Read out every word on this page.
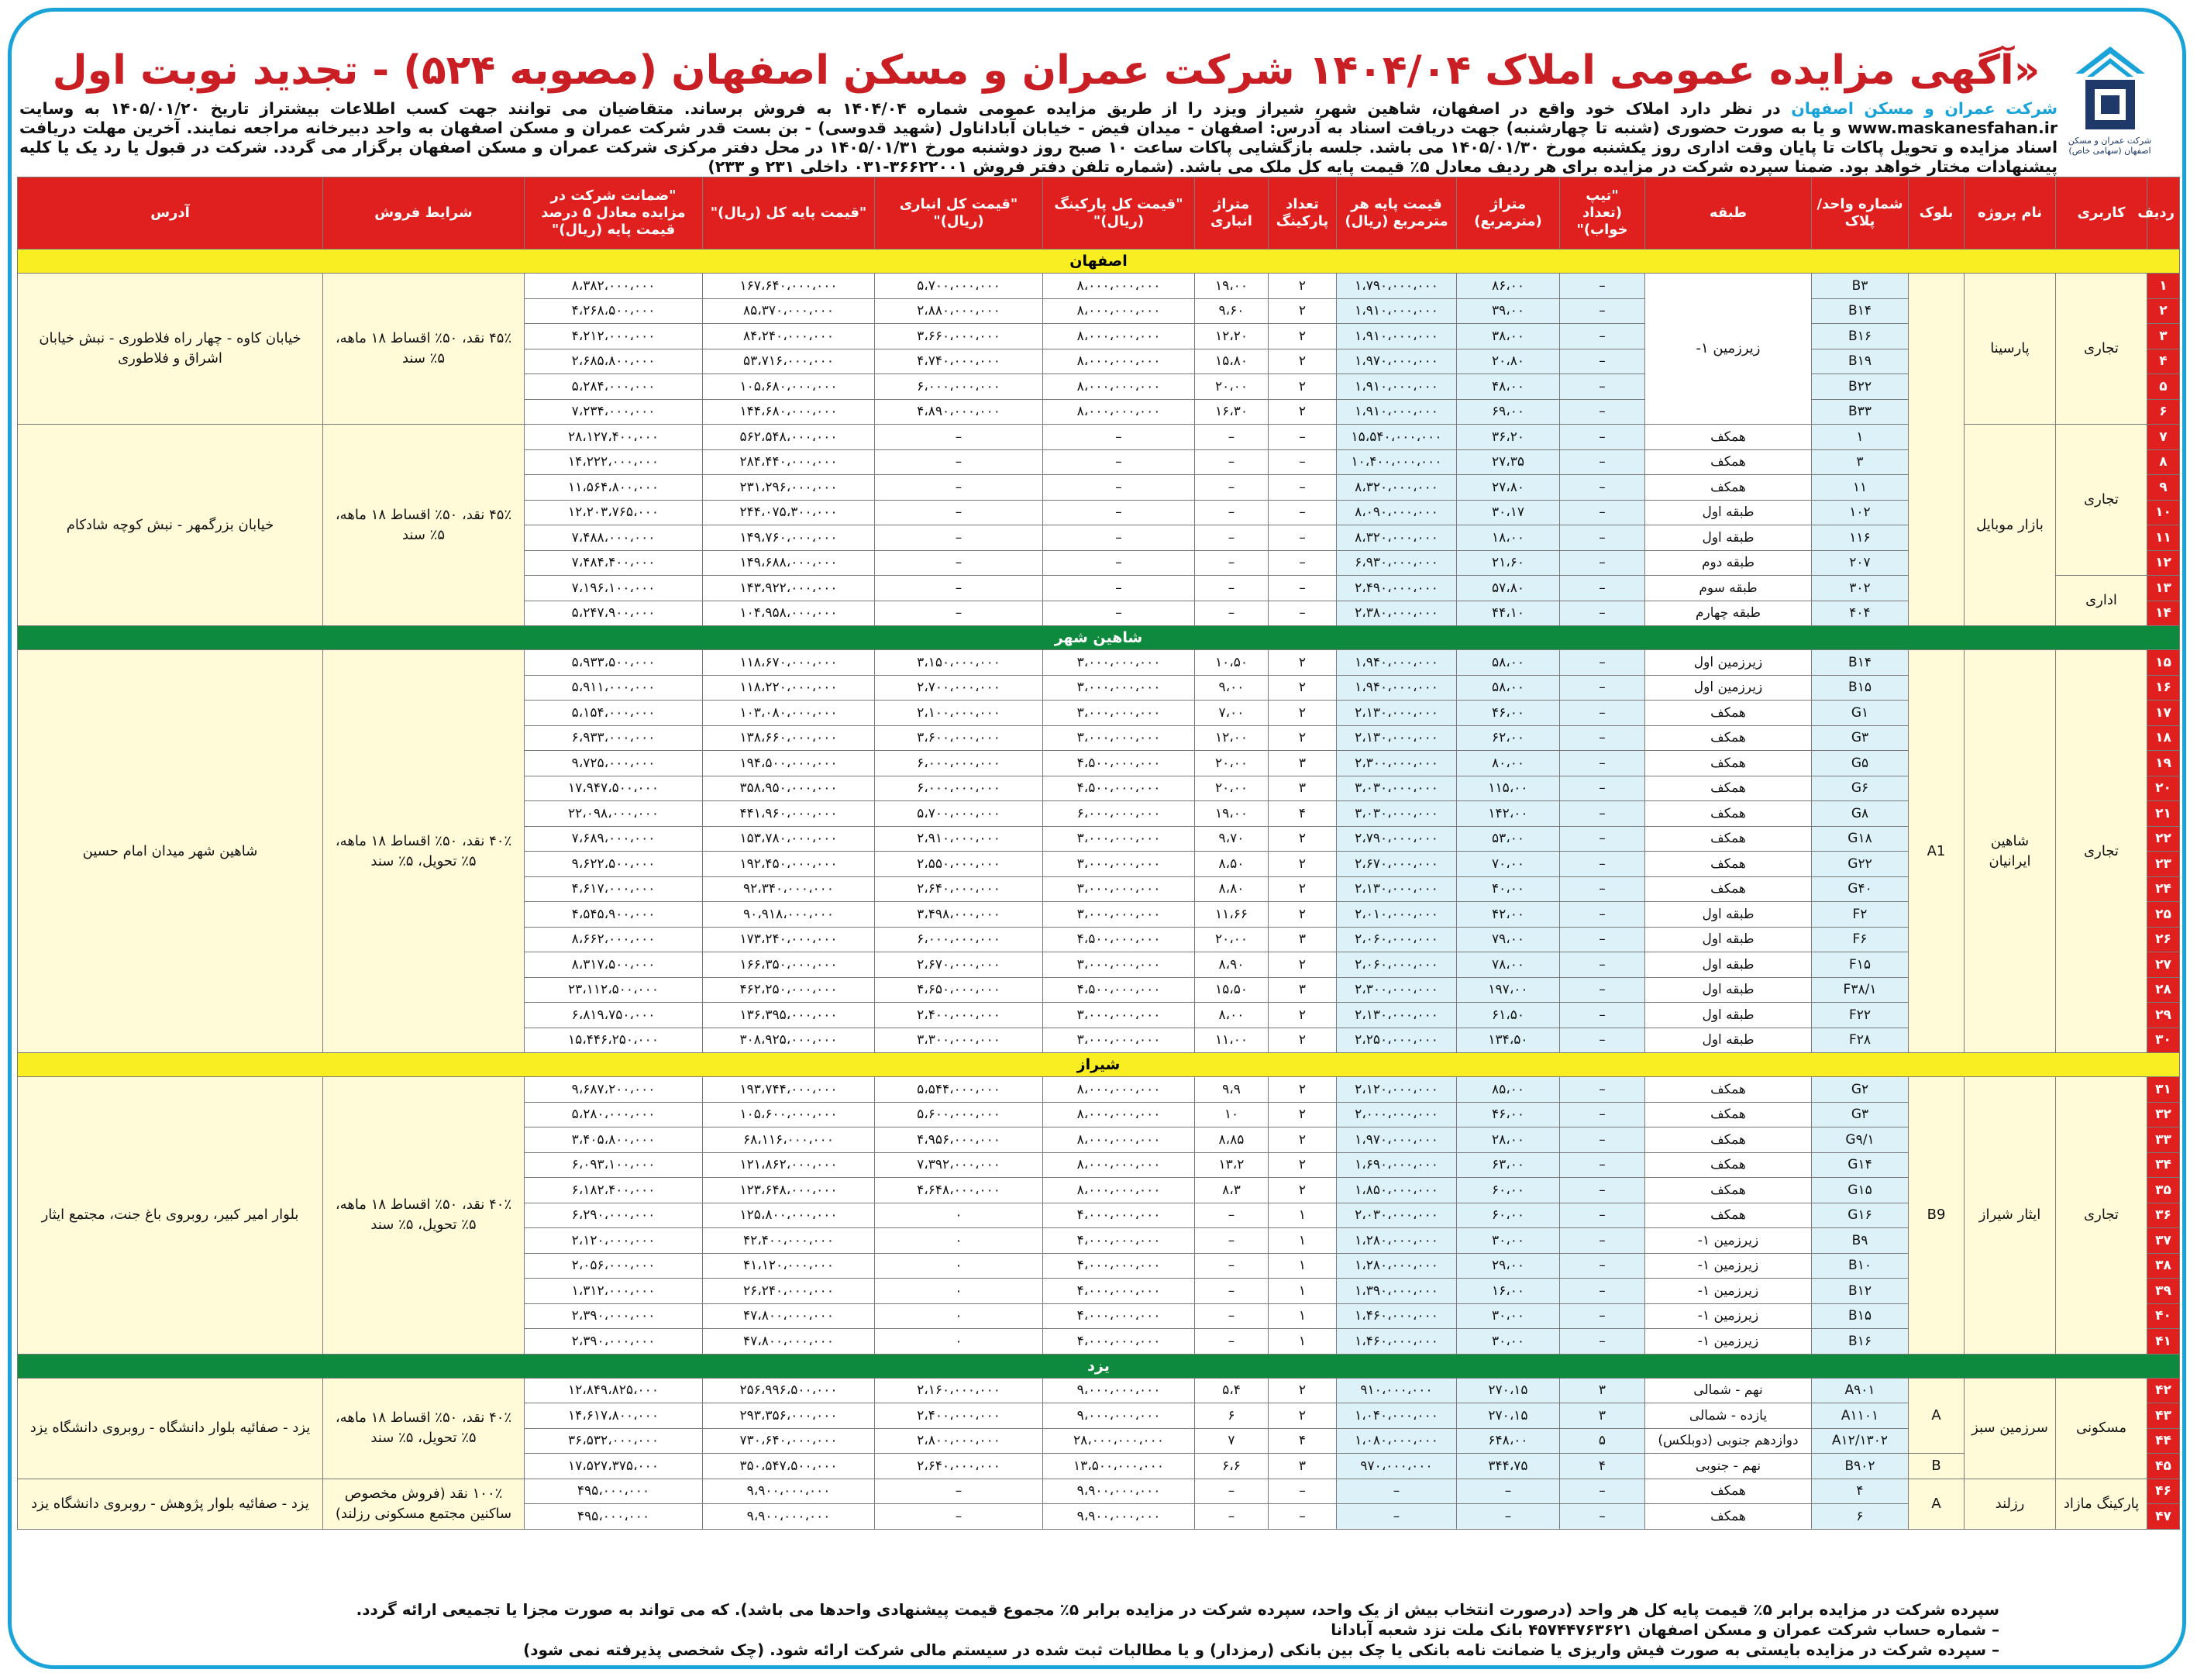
شرکت عمران و مسکن اصفهان (سهامی خاص)
«آگهی مزایده عمومی املاک ۱۴۰۴/۰۴ شرکت عمران و مسکن اصفهان (مصوبه ۵۲۴) - تجدید نوبت اول
شرکت عمران و مسکن اصفهان در نظر دارد املاک خود واقع در اصفهان، شاهین شهر، شیراز ویزد را از طریق مزایده عمومی شماره ۱۴۰۴/۰۴ به فروش برساند. متقاضیان می توانند جهت کسب اطلاعات بیشتراز تاریخ ۱۴۰۵/۰۱/۲۰ به وسایت www.maskanesfahan.ir و یا به صورت حضوری (شنبه تا چهارشنبه) جهت دریافت اسناد به آدرس: اصفهان - میدان فیض - خیابان آباداناول (شهید قدوسی) - بن بست قدر شرکت عمران و مسکن اصفهان به واحد دبیرخانه مراجعه نمایند. آخرین مهلت دریافت اسناد مزایده و تحویل پاکات تا پایان وقت اداری روز یکشنبه مورخ ۱۴۰۵/۰۱/۳۰ می باشد. جلسه بازگشایی پاکات ساعت ۱۰ صبح روز دوشنبه مورخ ۱۴۰۵/۰۱/۳۱ در محل دفتر مرکزی شرکت عمران و مسکن اصفهان برگزار می گردد. شرکت در قبول یا رد یک یا کلیه پیشنهادات مختار خواهد بود. ضمنا سپرده شرکت در مزایده برای هر ردیف معادل ۵٪ قیمت پایه کل ملک می باشد. (شماره تلفن دفتر فروش ۳۶۶۲۲۰۰۱-۰۳۱ داخلی ۲۳۱ و ۲۳۳)
ردیف	کاربری	نام پروژه	بلوک	شماره واحد/ پلاک	طبقه	"تیپ (تعداد خواب)"	متراژ (مترمربع)	قیمت پایه هر مترمربع (ریال)	تعداد پارکینگ	متراژ انباری	"قیمت کل پارکینگ (ریال)"	"قیمت کل انباری (ریال)"	"قیمت پایه کل (ریال)"	"ضمانت شرکت در مزایده معادل ۵ درصد قیمت پایه (ریال)"	شرایط فروش	آدرس
اصفهان																
۱	تجاری	پارسینا		B۳	زیرزمین ۱-	–	۸۶،۰۰	۱،۷۹۰،۰۰۰،۰۰۰	۲	۱۹،۰۰	۸،۰۰۰،۰۰۰،۰۰۰	۵،۷۰۰،۰۰۰،۰۰۰	۱۶۷،۶۴۰،۰۰۰،۰۰۰	۸،۳۸۲،۰۰۰،۰۰۰	۴۵٪ نقد، ۵۰٪ اقساط ۱۸ ماهه، ۵٪ سند	خیابان کاوه - چهار راه فلاطوری - نبش خیابان اشراق و فلاطوری
۲				B۱۴		–	۳۹،۰۰	۱،۹۱۰،۰۰۰،۰۰۰	۲	۹،۶۰	۸،۰۰۰،۰۰۰،۰۰۰	۲،۸۸۰،۰۰۰،۰۰۰	۸۵،۳۷۰،۰۰۰،۰۰۰	۴،۲۶۸،۵۰۰،۰۰۰		
۳				B۱۶		–	۳۸،۰۰	۱،۹۱۰،۰۰۰،۰۰۰	۲	۱۲،۲۰	۸،۰۰۰،۰۰۰،۰۰۰	۳،۶۶۰،۰۰۰،۰۰۰	۸۴،۲۴۰،۰۰۰،۰۰۰	۴،۲۱۲،۰۰۰،۰۰۰		
۴				B۱۹		–	۲۰،۸۰	۱،۹۷۰،۰۰۰،۰۰۰	۲	۱۵،۸۰	۸،۰۰۰،۰۰۰،۰۰۰	۴،۷۴۰،۰۰۰،۰۰۰	۵۳،۷۱۶،۰۰۰،۰۰۰	۲،۶۸۵،۸۰۰،۰۰۰		
۵				B۲۲		–	۴۸،۰۰	۱،۹۱۰،۰۰۰،۰۰۰	۲	۲۰،۰۰	۸،۰۰۰،۰۰۰،۰۰۰	۶،۰۰۰،۰۰۰،۰۰۰	۱۰۵،۶۸۰،۰۰۰،۰۰۰	۵،۲۸۴،۰۰۰،۰۰۰		
۶				B۳۳		–	۶۹،۰۰	۱،۹۱۰،۰۰۰،۰۰۰	۲	۱۶،۳۰	۸،۰۰۰،۰۰۰،۰۰۰	۴،۸۹۰،۰۰۰،۰۰۰	۱۴۴،۶۸۰،۰۰۰،۰۰۰	۷،۲۳۴،۰۰۰،۰۰۰		
۷	تجاری	بازار موبایل		۱	همکف	–	۳۶،۲۰	۱۵،۵۴۰،۰۰۰،۰۰۰	–	–	–	–	۵۶۲،۵۴۸،۰۰۰،۰۰۰	۲۸،۱۲۷،۴۰۰،۰۰۰	۴۵٪ نقد، ۵۰٪ اقساط ۱۸ ماهه، ۵٪ سند	خیابان بزرگمهر - نبش کوچه شادکام
۸				۳	همکف	–	۲۷،۳۵	۱۰،۴۰۰،۰۰۰،۰۰۰	–	–	–	–	۲۸۴،۴۴۰،۰۰۰،۰۰۰	۱۴،۲۲۲،۰۰۰،۰۰۰		
۹				۱۱	همکف	–	۲۷،۸۰	۸،۳۲۰،۰۰۰،۰۰۰	–	–	–	–	۲۳۱،۲۹۶،۰۰۰،۰۰۰	۱۱،۵۶۴،۸۰۰،۰۰۰		
۱۰				۱۰۲	طبقه اول	–	۳۰،۱۷	۸،۰۹۰،۰۰۰،۰۰۰	–	–	–	–	۲۴۴،۰۷۵،۳۰۰،۰۰۰	۱۲،۲۰۳،۷۶۵،۰۰۰		
۱۱				۱۱۶	طبقه اول	–	۱۸،۰۰	۸،۳۲۰،۰۰۰،۰۰۰	–	–	–	–	۱۴۹،۷۶۰،۰۰۰،۰۰۰	۷،۴۸۸،۰۰۰،۰۰۰		
۱۲				۲۰۷	طبقه دوم	–	۲۱،۶۰	۶،۹۳۰،۰۰۰،۰۰۰	–	–	–	–	۱۴۹،۶۸۸،۰۰۰،۰۰۰	۷،۴۸۴،۴۰۰،۰۰۰		
۱۳	اداری			۳۰۲	طبقه سوم	–	۵۷،۸۰	۲،۴۹۰،۰۰۰،۰۰۰	–	–	–	–	۱۴۳،۹۲۲،۰۰۰،۰۰۰	۷،۱۹۶،۱۰۰،۰۰۰		
۱۴				۴۰۴	طبقه چهارم	–	۴۴،۱۰	۲،۳۸۰،۰۰۰،۰۰۰	–	–	–	–	۱۰۴،۹۵۸،۰۰۰،۰۰۰	۵،۲۴۷،۹۰۰،۰۰۰		
شاهین شهر																
۱۵	تجاری	شاهین ایرانیان	A1	B۱۴	زیرزمین اول	–	۵۸،۰۰	۱،۹۴۰،۰۰۰،۰۰۰	۲	۱۰،۵۰	۳،۰۰۰،۰۰۰،۰۰۰	۳،۱۵۰،۰۰۰،۰۰۰	۱۱۸،۶۷۰،۰۰۰،۰۰۰	۵،۹۳۳،۵۰۰،۰۰۰	۴۰٪ نقد، ۵۰٪ اقساط ۱۸ ماهه، ۵٪ تحویل، ۵٪ سند	شاهین شهر میدان امام حسین
۱۶				B۱۵	زیرزمین اول	–	۵۸،۰۰	۱،۹۴۰،۰۰۰،۰۰۰	۲	۹،۰۰	۳،۰۰۰،۰۰۰،۰۰۰	۲،۷۰۰،۰۰۰،۰۰۰	۱۱۸،۲۲۰،۰۰۰،۰۰۰	۵،۹۱۱،۰۰۰،۰۰۰		
۱۷				G۱	همکف	–	۴۶،۰۰	۲،۱۳۰،۰۰۰،۰۰۰	۲	۷،۰۰	۳،۰۰۰،۰۰۰،۰۰۰	۲،۱۰۰،۰۰۰،۰۰۰	۱۰۳،۰۸۰،۰۰۰،۰۰۰	۵،۱۵۴،۰۰۰،۰۰۰		
۱۸				G۳	همکف	–	۶۲،۰۰	۲،۱۳۰،۰۰۰،۰۰۰	۲	۱۲،۰۰	۳،۰۰۰،۰۰۰،۰۰۰	۳،۶۰۰،۰۰۰،۰۰۰	۱۳۸،۶۶۰،۰۰۰،۰۰۰	۶،۹۳۳،۰۰۰،۰۰۰		
۱۹				G۵	همکف	–	۸۰،۰۰	۲،۳۰۰،۰۰۰،۰۰۰	۳	۲۰،۰۰	۴،۵۰۰،۰۰۰،۰۰۰	۶،۰۰۰،۰۰۰،۰۰۰	۱۹۴،۵۰۰،۰۰۰،۰۰۰	۹،۷۲۵،۰۰۰،۰۰۰		
۲۰				G۶	همکف	–	۱۱۵،۰۰	۳،۰۳۰،۰۰۰،۰۰۰	۳	۲۰،۰۰	۴،۵۰۰،۰۰۰،۰۰۰	۶،۰۰۰،۰۰۰،۰۰۰	۳۵۸،۹۵۰،۰۰۰،۰۰۰	۱۷،۹۴۷،۵۰۰،۰۰۰		
۲۱				G۸	همکف	–	۱۴۲،۰۰	۳،۰۳۰،۰۰۰،۰۰۰	۴	۱۹،۰۰	۶،۰۰۰،۰۰۰،۰۰۰	۵،۷۰۰،۰۰۰،۰۰۰	۴۴۱،۹۶۰،۰۰۰،۰۰۰	۲۲،۰۹۸،۰۰۰،۰۰۰		
۲۲				G۱۸	همکف	–	۵۳،۰۰	۲،۷۹۰،۰۰۰،۰۰۰	۲	۹،۷۰	۳،۰۰۰،۰۰۰،۰۰۰	۲،۹۱۰،۰۰۰،۰۰۰	۱۵۳،۷۸۰،۰۰۰،۰۰۰	۷،۶۸۹،۰۰۰،۰۰۰		
۲۳				G۲۲	همکف	–	۷۰،۰۰	۲،۶۷۰،۰۰۰،۰۰۰	۲	۸،۵۰	۳،۰۰۰،۰۰۰،۰۰۰	۲،۵۵۰،۰۰۰،۰۰۰	۱۹۲،۴۵۰،۰۰۰،۰۰۰	۹،۶۲۲،۵۰۰،۰۰۰		
۲۴				G۴۰	همکف	–	۴۰،۰۰	۲،۱۳۰،۰۰۰،۰۰۰	۲	۸،۸۰	۳،۰۰۰،۰۰۰،۰۰۰	۲،۶۴۰،۰۰۰،۰۰۰	۹۲،۳۴۰،۰۰۰،۰۰۰	۴،۶۱۷،۰۰۰،۰۰۰		
۲۵				F۲	طبقه اول	–	۴۲،۰۰	۲،۰۱۰،۰۰۰،۰۰۰	۲	۱۱،۶۶	۳،۰۰۰،۰۰۰،۰۰۰	۳،۴۹۸،۰۰۰،۰۰۰	۹۰،۹۱۸،۰۰۰،۰۰۰	۴،۵۴۵،۹۰۰،۰۰۰		
۲۶				F۶	طبقه اول	–	۷۹،۰۰	۲،۰۶۰،۰۰۰،۰۰۰	۳	۲۰،۰۰	۴،۵۰۰،۰۰۰،۰۰۰	۶،۰۰۰،۰۰۰،۰۰۰	۱۷۳،۲۴۰،۰۰۰،۰۰۰	۸،۶۶۲،۰۰۰،۰۰۰		
۲۷				F۱۵	طبقه اول	–	۷۸،۰۰	۲،۰۶۰،۰۰۰،۰۰۰	۲	۸،۹۰	۳،۰۰۰،۰۰۰،۰۰۰	۲،۶۷۰،۰۰۰،۰۰۰	۱۶۶،۳۵۰،۰۰۰،۰۰۰	۸،۳۱۷،۵۰۰،۰۰۰		
۲۸				F۳۸/۱	طبقه اول	–	۱۹۷،۰۰	۲،۳۰۰،۰۰۰،۰۰۰	۳	۱۵،۵۰	۴،۵۰۰،۰۰۰،۰۰۰	۴،۶۵۰،۰۰۰،۰۰۰	۴۶۲،۲۵۰،۰۰۰،۰۰۰	۲۳،۱۱۲،۵۰۰،۰۰۰		
۲۹				F۲۲	طبقه اول	–	۶۱،۵۰	۲،۱۳۰،۰۰۰،۰۰۰	۲	۸،۰۰	۳،۰۰۰،۰۰۰،۰۰۰	۲،۴۰۰،۰۰۰،۰۰۰	۱۳۶،۳۹۵،۰۰۰،۰۰۰	۶،۸۱۹،۷۵۰،۰۰۰		
۳۰				F۲۸	طبقه اول	–	۱۳۴،۵۰	۲،۲۵۰،۰۰۰،۰۰۰	۲	۱۱،۰۰	۳،۰۰۰،۰۰۰،۰۰۰	۳،۳۰۰،۰۰۰،۰۰۰	۳۰۸،۹۲۵،۰۰۰،۰۰۰	۱۵،۴۴۶،۲۵۰،۰۰۰		
شیراز																
۳۱	تجاری	ایثار شیراز	B9	G۲	همکف	–	۸۵،۰۰	۲،۱۲۰،۰۰۰،۰۰۰	۲	۹،۹	۸،۰۰۰،۰۰۰،۰۰۰	۵،۵۴۴،۰۰۰،۰۰۰	۱۹۳،۷۴۴،۰۰۰،۰۰۰	۹،۶۸۷،۲۰۰،۰۰۰	۴۰٪ نقد، ۵۰٪ اقساط ۱۸ ماهه، ۵٪ تحویل، ۵٪ سند	بلوار امیر کبیر، روبروی باغ جنت، مجتمع ایثار
۳۲				G۳	همکف	–	۴۶،۰۰	۲،۰۰۰،۰۰۰،۰۰۰	۲	۱۰	۸،۰۰۰،۰۰۰،۰۰۰	۵،۶۰۰،۰۰۰،۰۰۰	۱۰۵،۶۰۰،۰۰۰،۰۰۰	۵،۲۸۰،۰۰۰،۰۰۰		
۳۳				G۹/۱	همکف	–	۲۸،۰۰	۱،۹۷۰،۰۰۰،۰۰۰	۲	۸،۸۵	۸،۰۰۰،۰۰۰،۰۰۰	۴،۹۵۶،۰۰۰،۰۰۰	۶۸،۱۱۶،۰۰۰،۰۰۰	۳،۴۰۵،۸۰۰،۰۰۰		
۳۴				G۱۴	همکف	–	۶۳،۰۰	۱،۶۹۰،۰۰۰،۰۰۰	۲	۱۳،۲	۸،۰۰۰،۰۰۰،۰۰۰	۷،۳۹۲،۰۰۰،۰۰۰	۱۲۱،۸۶۲،۰۰۰،۰۰۰	۶،۰۹۳،۱۰۰،۰۰۰		
۳۵				G۱۵	همکف	–	۶۰،۰۰	۱،۸۵۰،۰۰۰،۰۰۰	۲	۸،۳	۸،۰۰۰،۰۰۰،۰۰۰	۴،۶۴۸،۰۰۰،۰۰۰	۱۲۳،۶۴۸،۰۰۰،۰۰۰	۶،۱۸۲،۴۰۰،۰۰۰		
۳۶				G۱۶	همکف	–	۶۰،۰۰	۲،۰۳۰،۰۰۰،۰۰۰	۱	–	۴،۰۰۰،۰۰۰،۰۰۰	۰	۱۲۵،۸۰۰،۰۰۰،۰۰۰	۶،۲۹۰،۰۰۰،۰۰۰		
۳۷				B۹	زیرزمین ۱-	–	۳۰،۰۰	۱،۲۸۰،۰۰۰،۰۰۰	۱	–	۴،۰۰۰،۰۰۰،۰۰۰	۰	۴۲،۴۰۰،۰۰۰،۰۰۰	۲،۱۲۰،۰۰۰،۰۰۰		
۳۸				B۱۰	زیرزمین ۱-	–	۲۹،۰۰	۱،۲۸۰،۰۰۰،۰۰۰	۱	–	۴،۰۰۰،۰۰۰،۰۰۰	۰	۴۱،۱۲۰،۰۰۰،۰۰۰	۲،۰۵۶،۰۰۰،۰۰۰		
۳۹				B۱۲	زیرزمین ۱-	–	۱۶،۰۰	۱،۳۹۰،۰۰۰،۰۰۰	۱	–	۴،۰۰۰،۰۰۰،۰۰۰	۰	۲۶،۲۴۰،۰۰۰،۰۰۰	۱،۳۱۲،۰۰۰،۰۰۰		
۴۰				B۱۵	زیرزمین ۱-	–	۳۰،۰۰	۱،۴۶۰،۰۰۰،۰۰۰	۱	–	۴،۰۰۰،۰۰۰،۰۰۰	۰	۴۷،۸۰۰،۰۰۰،۰۰۰	۲،۳۹۰،۰۰۰،۰۰۰		
۴۱				B۱۶	زیرزمین ۱-	–	۳۰،۰۰	۱،۴۶۰،۰۰۰،۰۰۰	۱	–	۴،۰۰۰،۰۰۰،۰۰۰	۰	۴۷،۸۰۰،۰۰۰،۰۰۰	۲،۳۹۰،۰۰۰،۰۰۰		
یزد																
۴۲	مسکونی	سرزمین سبز	A	A۹۰۱	نهم - شمالی	۳	۲۷۰،۱۵	۹۱۰،۰۰۰،۰۰۰	۲	۵،۴	۹،۰۰۰،۰۰۰،۰۰۰	۲،۱۶۰،۰۰۰،۰۰۰	۲۵۶،۹۹۶،۵۰۰،۰۰۰	۱۲،۸۴۹،۸۲۵،۰۰۰	۴۰٪ نقد، ۵۰٪ اقساط ۱۸ ماهه، ۵٪ تحویل، ۵٪ سند	یزد - صفائیه بلوار دانشگاه - روبروی دانشگاه یزد
۴۳				A۱۱۰۱	یازده - شمالی	۳	۲۷۰،۱۵	۱،۰۴۰،۰۰۰،۰۰۰	۲	۶	۹،۰۰۰،۰۰۰،۰۰۰	۲،۴۰۰،۰۰۰،۰۰۰	۲۹۳،۳۵۶،۰۰۰،۰۰۰	۱۴،۶۱۷،۸۰۰،۰۰۰		
۴۴				A۱۲/۱۳۰۲	دوازدهم جنوبی (دوبلکس)	۵	۶۴۸،۰۰	۱،۰۸۰،۰۰۰،۰۰۰	۴	۷	۲۸،۰۰۰،۰۰۰،۰۰۰	۲،۸۰۰،۰۰۰،۰۰۰	۷۳۰،۶۴۰،۰۰۰،۰۰۰	۳۶،۵۳۲،۰۰۰،۰۰۰		
۴۵			B	B۹۰۲	نهم - جنوبی	۴	۳۴۴،۷۵	۹۷۰،۰۰۰،۰۰۰	۳	۶،۶	۱۳،۵۰۰،۰۰۰،۰۰۰	۲،۶۴۰،۰۰۰،۰۰۰	۳۵۰،۵۴۷،۵۰۰،۰۰۰	۱۷،۵۲۷،۳۷۵،۰۰۰		
۴۶	پارکینگ مازاد	رزلند	A	۴	همکف	–	–	–	–	–	۹،۹۰۰،۰۰۰،۰۰۰	–	۹،۹۰۰،۰۰۰،۰۰۰	۴۹۵،۰۰۰،۰۰۰	۱۰۰٪ نقد (فروش مخصوص ساکنین مجتمع مسکونی رزلند)	یزد - صفائیه بلوار پژوهش - روبروی دانشگاه یزد
۴۷				۶	همکف	–	–	–	–	–	۹،۹۰۰،۰۰۰،۰۰۰	–	۹،۹۰۰،۰۰۰،۰۰۰	۴۹۵،۰۰۰،۰۰۰		
سپرده شرکت در مزایده برابر ۵٪ قیمت پایه کل هر واحد (درصورت انتخاب بیش از یک واحد، سپرده شرکت در مزایده برابر ۵٪ مجموع قیمت پیشنهادی واحدها می باشد). که می تواند به صورت مجزا یا تجمیعی ارائه گردد.
– شماره حساب شرکت عمران و مسکن اصفهان ۴۵۷۴۴۷۶۳۶۲۱ بانک ملت نزد شعبه آبادانا
– سپرده شرکت در مزایده بایستی به صورت فیش واریزی یا ضمانت نامه بانکی یا چک بین بانکی (رمزدار) و یا مطالبات ثبت شده در سیستم مالی شرکت ارائه شود. (چک شخصی پذیرفته نمی شود)
